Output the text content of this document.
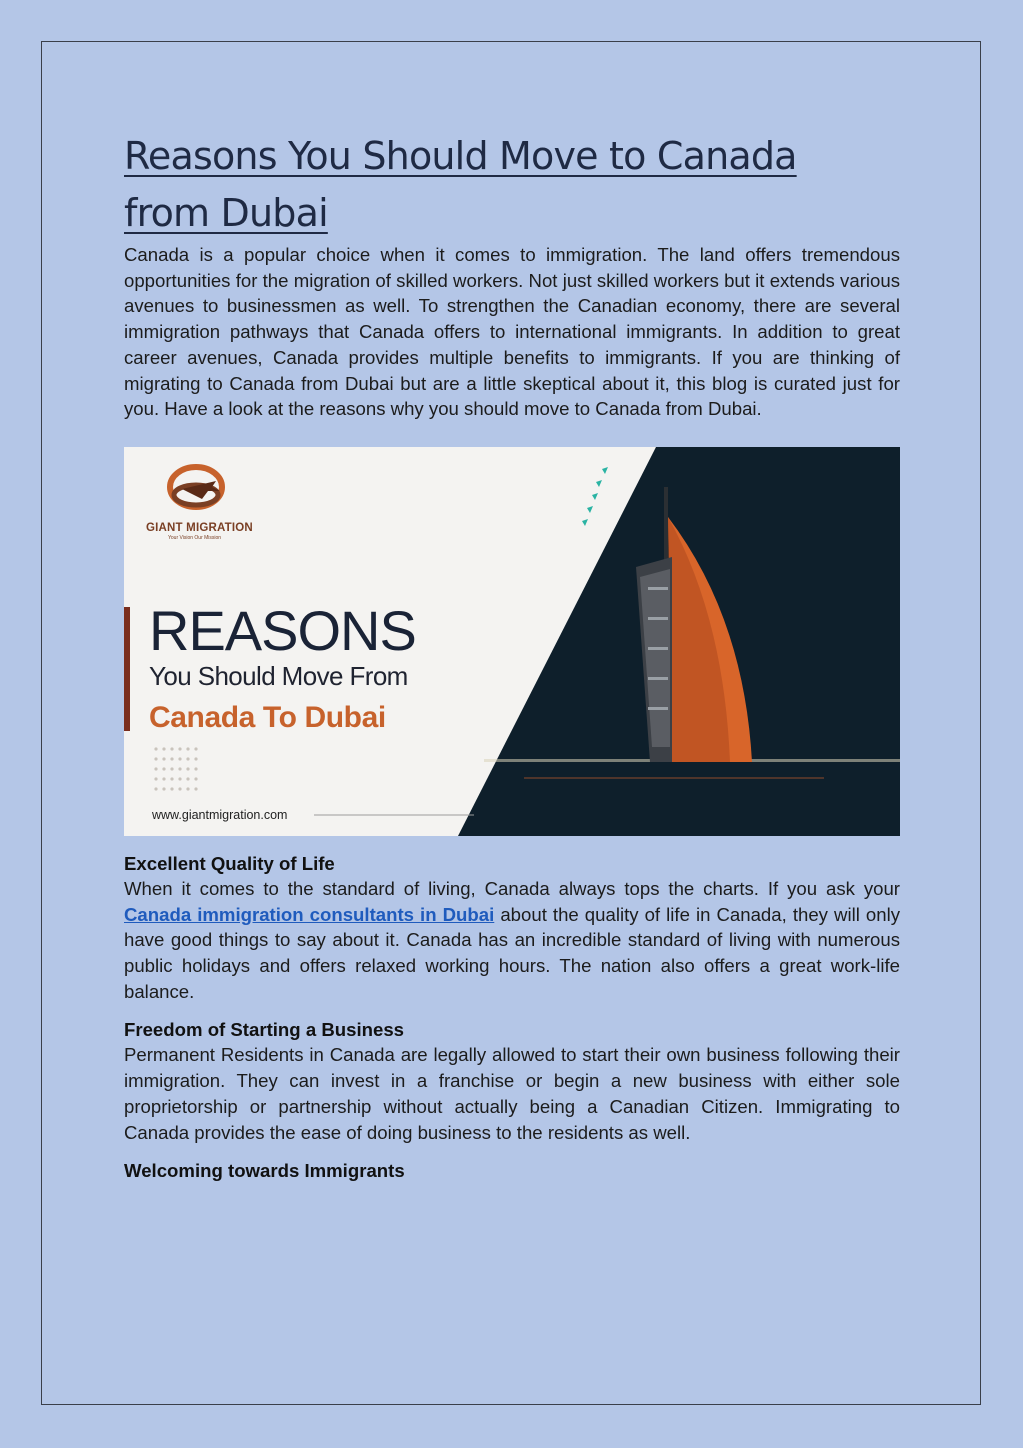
Reasons You Should Move to Canada
from Dubai

Canada is a popular choice when it comes to immigration. The land offers tremendous opportunities for the migration of skilled workers. Not just skilled workers but it extends various avenues to businessmen as well. To strengthen the Canadian economy, there are several immigration pathways that Canada offers to international immigrants. In addition to great career avenues, Canada provides multiple benefits to immigrants. If you are thinking of migrating to Canada from Dubai but are a little skeptical about it, this blog is curated just for you. Have a look at the reasons why you should move to Canada from Dubai.

GIANT MIGRATION
Your Vision Our Mission
REASONS
You Should Move From
Canada To Dubai
www.giantmigration.com
Excellent Quality of Life

When it comes to the standard of living, Canada always tops the charts. If you ask your Canada immigration consultants in Dubai about the quality of life in Canada, they will only have good things to say about it. Canada has an incredible standard of living with numerous public holidays and offers relaxed working hours. The nation also offers a great work-life balance.

Freedom of Starting a Business

Permanent Residents in Canada are legally allowed to start their own business following their immigration. They can invest in a franchise or begin a new business with either sole proprietorship or partnership without actually being a Canadian Citizen. Immigrating to Canada provides the ease of doing business to the residents as well.

Welcoming towards Immigrants
